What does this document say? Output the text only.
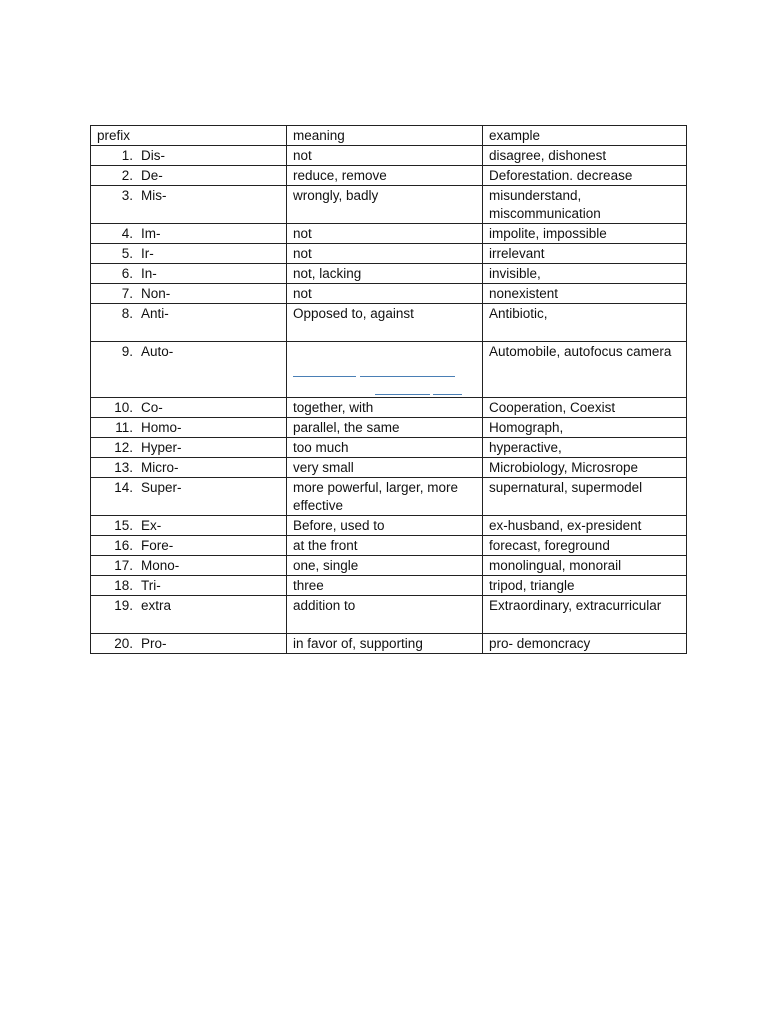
prefix	meaning	example
1. Dis-	not	disagree, dishonest
2. De-	reduce, remove	Deforestation. decrease
3. Mis-	wrongly, badly	misunderstand, miscommunication
4. Im-	not	impolite, impossible
5. Ir-	not	irrelevant
6. In-	not, lacking	invisible,
7. Non-	not	nonexistent
8. Anti-	Opposed to, against	Antibiotic,
9. Auto-		Automobile, autofocus camera
10. Co-	together, with	Cooperation, Coexist
11. Homo-	parallel, the same	Homograph,
12. Hyper-	too much	hyperactive,
13. Micro-	very small	Microbiology, Microsrope
14. Super-	more powerful, larger, more effective	supernatural, supermodel
15. Ex-	Before, used to	ex-husband, ex-president
16. Fore-	at the front	forecast, foreground
17. Mono-	one, single	monolingual, monorail
18. Tri-	three	tripod, triangle
19. extra	addition to	Extraordinary, extracurricular
20. Pro-	in favor of, supporting	pro- demoncracy
